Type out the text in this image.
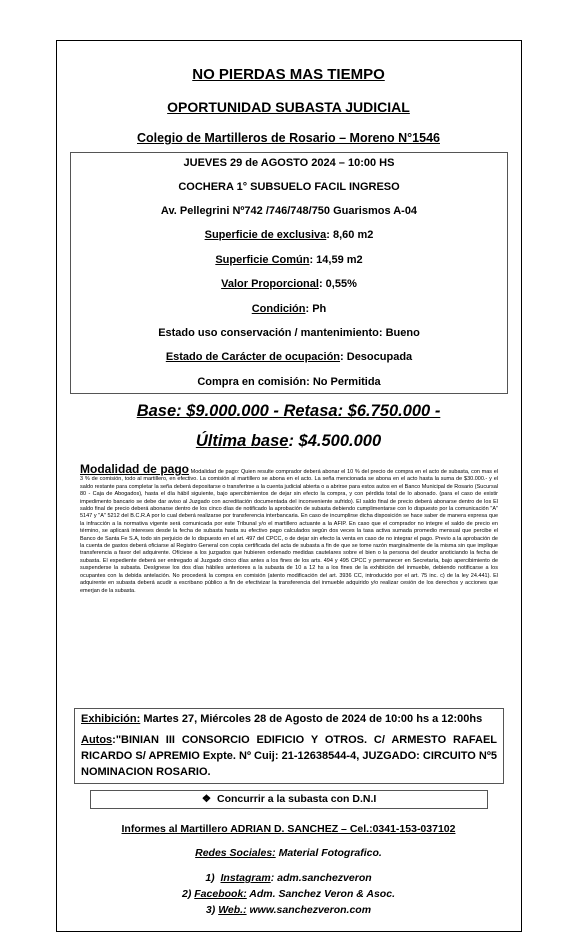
NO PIERDAS MAS TIEMPO
OPORTUNIDAD SUBASTA JUDICIAL
Colegio de Martilleros de Rosario – Moreno N°1546
JUEVES 29 de AGOSTO 2024 – 10:00 HS
COCHERA 1° SUBSUELO FACIL INGRESO
Av. Pellegrini Nº742 /746/748/750 Guarismos A-04
Superficie de exclusiva: 8,60 m2
Superficie Común: 14,59 m2
Valor Proporcional: 0,55%
Condición: Ph
Estado uso conservación / mantenimiento: Bueno
Estado de Carácter de ocupación: Desocupada
Compra en comisión: No Permitida
Base: $9.000.000 - Retasa: $6.750.000 -
Última base: $4.500.000
Modalidad de pago Modalidad de pago: Quien resulte comprador deberá abonar el 10 % del precio de compra en el acto de subasta, con mas el 3 % de comisión, todo al martillero, en efectivo. La comisión al martillero se abona en el acto. La seña mencionada se abona en el acto hasta la suma de $30.000.- y el saldo restante para completar la seña deberá depositarse o transferirse a la cuenta judicial abierta o a abrirse para estos autos en el Banco Municipal de Rosario (Sucursal 80 - Caja de Abogados), hasta el día hábil siguiente, bajo apercibimientos de dejar sin efecto la compra, y con pérdida total de lo abonado. (para el caso de existir impedimento bancario se debe dar aviso al Juzgado con acreditación documentada del inconveniente sufrido). El saldo final de precio deberá abonarse dentro de los El saldo final de precio deberá abonarse dentro de los cinco días de notificado la aprobación de subasta debiendo cumplimentarse con lo dispuesto por la comunicación "A" 5147 y "A" 5212 del B.C.R.A por lo cual deberá realizarse por transferencia interbancaria. En caso de incumplirse dicha disposición se hace saber de manera expresa que la infracción a la normativa vigente será comunicada por este Tribunal y/o el martillero actuante a la AFIP. En caso que el comprador no integre el saldo de precio en término, se aplicará intereses desde la fecha de subasta hasta su efectivo pago calculados según dos veces la tasa activa sumada promedio mensual que percibe el Banco de Santa Fe S.A, todo sin perjuicio de lo dispuesto en el art. 497 del CPCC, o de dejar sin efecto la venta en caso de no integrar el pago. Previo a la aprobación de la cuenta de gastos deberá oficiarse al Registro General con copia certificada del acta de subasta a fin de que se tome razón marginalmente de la misma sin que implique transferencia a favor del adquirente. Ofíciese a los juzgados que hubieren ordenado medidas cautelares sobre el bien o la persona del deudor anoticiando la fecha de subasta. El expediente deberá ser entregado al Juzgado cinco días antes a los fines de los arts. 494 y 495 CPCC y permanecer en Secretaría, bajo apercibimiento de suspenderse la subasta. Desígnese los dos días hábiles anteriores a la subasta de 10 a 12 hs a los fines de la exhibición del inmueble, debiendo notificarse a los ocupantes con la debida antelación. No procederá la compra en comisión (atento modificación del art. 3936 CC, introducido por el art. 75 inc. c) de la ley 24.441). El adquirente en subasta deberá acudir a escribano público a fin de efectivizar la transferencia del inmueble adquirido y/o realizar cesión de los derechos y acciones que emerjan de la subasta.
Exhibición: Martes 27, Miércoles 28 de Agosto de 2024 de 10:00 hs a 12:00hs
Autos:"BINIAN III CONSORCIO EDIFICIO Y OTROS. C/ ARMESTO RAFAEL RICARDO S/ APREMIO Expte. Nº Cuij: 21-12638544-4, JUZGADO: CIRCUITO Nº5 NOMINACION ROSARIO.
❖ Concurrir a la subasta con D.N.I
Informes al Martillero ADRIAN D. SANCHEZ – Cel.:0341-153-037102
Redes Sociales: Material Fotografico.
1) Instagram: adm.sanchezveron
2) Facebook: Adm. Sanchez Veron & Asoc.
3) Web.: www.sanchezveron.com
